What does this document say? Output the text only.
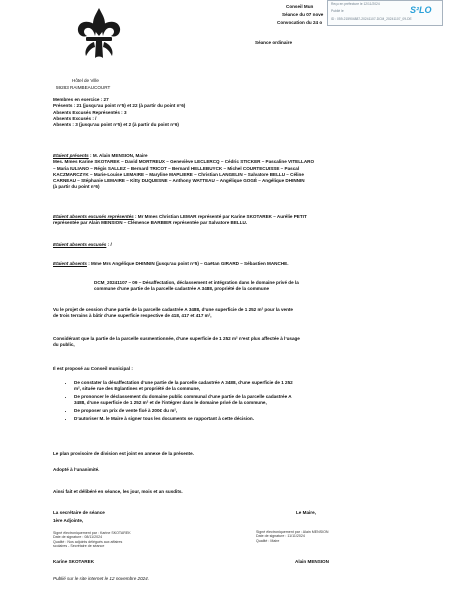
Reçu en préfecture le 12/11/2024
Publié le
ID : 059-215904887-20241107-DCM_20241107_09-DE
S²LO
Conseil Mun
Séance du 07 nove
Convocation du 24 o
Séance ordinaire
Hôtel de Ville
59283 RAIMBEAUCOURT

Membres en exercice : 27

Présents : 21 (jusqu’au point n°5) et 22 (à partir du point n°6)

Absents Excusés Représentés : 3

Absents Excusés : /

Absents : 3 (jusqu’au point n°5) et 2 (à partir du point n°6)

Etaient présents : M. Alain MENSION, Maire

Mes. Mmes Karine SKOTAREK – David MORTREUX – Geneviève LECLERCQ – Cédric STICKER – Pascaline VITELLARO

– Maria IULIANO – Régis SALLEZ – Bernard TRICOT – Bernard HELLEBUYCK – Michel COURTECUISSE – Pascal

KACZMARCZYK – Marie-Louise LEMAIRE – Maryline MAPLIERE – Christian LANGELIN – Salvatore BELLU – Céline

CARNEAU – Stéphanie LEMAIRE – Kitty DUQUESNE – Anthony WATTEAU – Angélique GOGÉ – Angélique DHINNIN

(à partir du point n°6)

Etaient absents excusés représentés : Mr Mmes Christian LEMAR représenté par Karine SKOTAREK – Aurélie PETIT

représentée par Alain MENSION – Clémence BARBIER représentée par Salvatore BELLU.

Etaient absents excusés : /

Etaient absents : Mme Mrs Angélique DHINNIN (jusqu’au point n°5) – Gaëtan GIRARD – Sébastien MANCHE.

DCM_20241107 – 09 – Désaffectation, déclassement et intégration dans le domaine privé de la

commune d’une partie de la parcelle cadastrée A 3488, propriété de la commune

Vu le projet de cession d’une partie de la parcelle cadastrée A 3488, d’une superficie de 1 252 m² pour la vente

de trois terrains à bâtir d’une superficie respective de 418, 417 et 417 m²,

Considérant que la partie de la parcelle susmentionnée, d’une superficie de 1 252 m² n’est plus affectée à l’usage

du public,

Il est proposé au Conseil municipal :
• De constater la désaffectation d’une partie de la parcelle cadastrée A 3488, d’une superficie de 1 252
m², située rue des Eglantines et propriété de la commune,
• De prononcer le déclassement du domaine public communal d’une partie de la parcelle cadastrée A
3488, d’une superficie de 1 252 m² et de l’intégrer dans le domaine privé de la commune,
• De proposer un prix de vente fixé à 200€ du m²,
• D’autoriser M. le Maire à signer tous les documents se rapportant à cette décision.
Le plan provisoire de division est joint en annexe de la présente.
Adopté à l’unanimité.
Ainsi fait et délibéré en séance, les jour, mois et an susdits.
La secrétaire de séance
1ère Adjointe,
Signé électroniquement par : Karine SKOTAREK
Date de signature : 08/11/2024
Qualité : Nos adjoints délégués aux affaires
scolaires - Secrétaire de séance
Karine SKOTAREK
Le Maire,
Signé électroniquement par : Alain MENSION
Date de signature : 11/11/2024
Qualité : Maire
Alain MENSION
Publié sur le site internet le 12 novembre 2024.
